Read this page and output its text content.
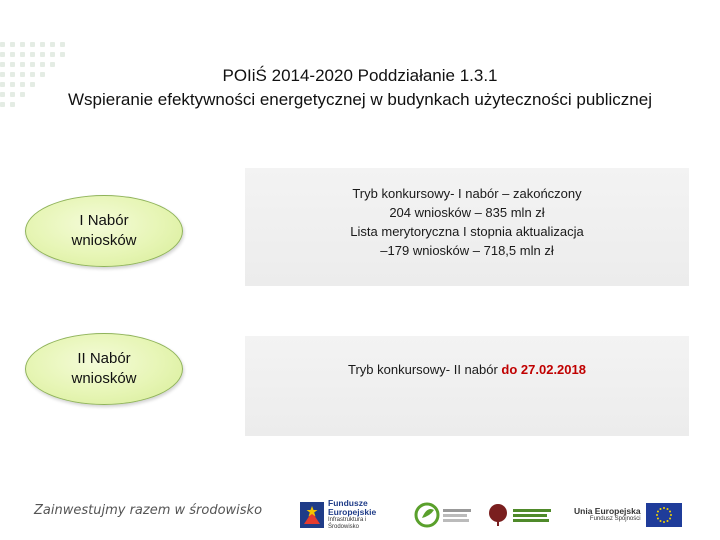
POIiŚ 2014-2020 Poddziałanie 1.3.1
Wspieranie efektywności energetycznej w budynkach użyteczności publicznej
I Nabór
wniosków
Tryb konkursowy- I nabór – zakończony
204 wniosków – 835 mln zł
Lista merytoryczna I stopnia aktualizacja
–179 wniosków – 718,5 mln zł
II Nabór
wniosków
Tryb konkursowy- II nabór do 27.02.2018
Zainwestujmy razem w środowisko	Fundusze Europejskie
Infrastruktura i Środowisko
Unia Europejska
Fundusz Spójności
